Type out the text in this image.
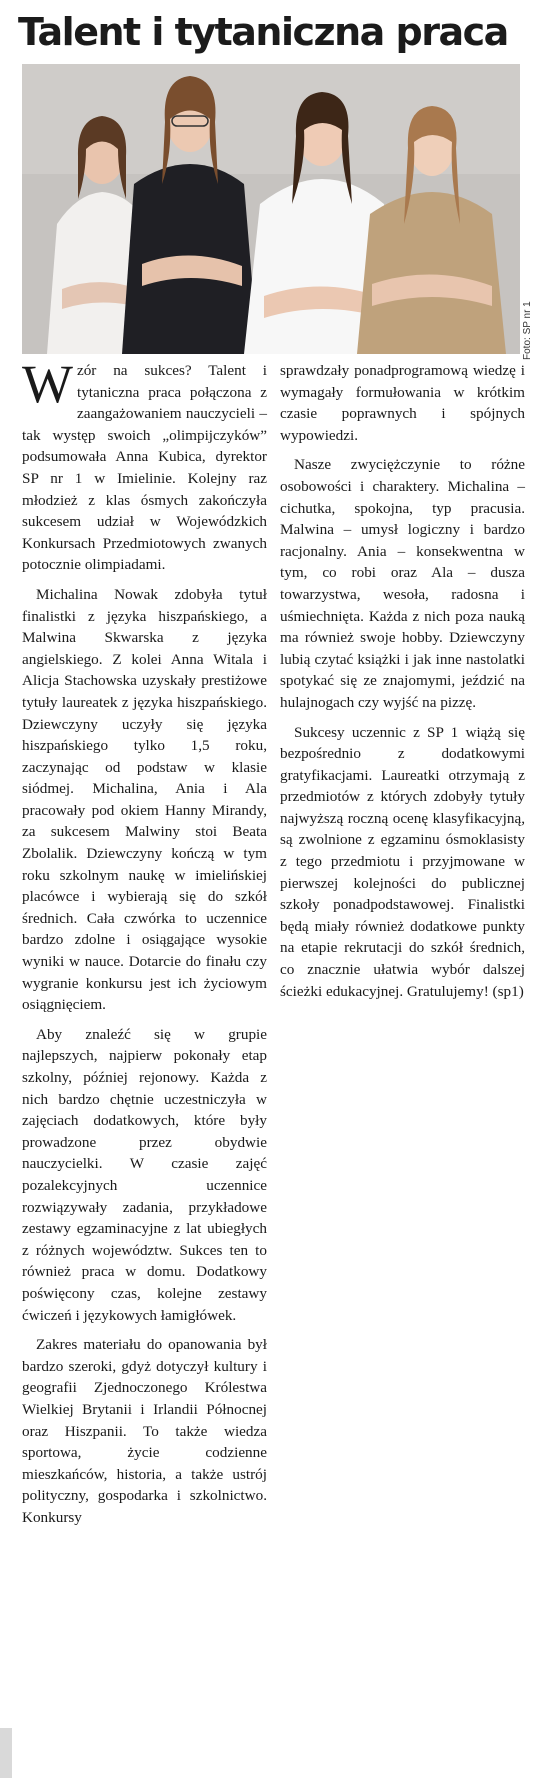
Talent i tytaniczna praca
Foto: SP nr 1

Wzór na sukces? Talent i tytaniczna praca połączona z zaangażowaniem nauczycieli – tak występ swoich „olimpijczyków” podsumowała Anna Kubica, dyrektor SP nr 1 w Imielinie. Kolejny raz młodzież z klas ósmych zakończyła sukcesem udział w Wojewódzkich Konkursach Przedmiotowych zwanych potocznie olimpiadami.

Michalina Nowak zdobyła tytuł finalistki z języka hiszpańskiego, a Malwina Skwarska z języka angielskiego. Z kolei Anna Witala i Alicja Stachowska uzyskały prestiżowe tytuły laureatek z języka hiszpańskiego. Dziewczyny uczyły się języka hiszpańskiego tylko 1,5 roku, zaczynając od podstaw w klasie siódmej. Michalina, Ania i Ala pracowały pod okiem Hanny Mirandy, za sukcesem Malwiny stoi Beata Zbolalik. Dziewczyny kończą w tym roku szkolnym naukę w imielińskiej placówce i wybierają się do szkół średnich. Cała czwórka to uczennice bardzo zdolne i osiągające wysokie wyniki w nauce. Dotarcie do finału czy wygranie konkursu jest ich życiowym osiągnięciem.

Aby znaleźć się w grupie najlepszych, najpierw pokonały etap szkolny, później rejonowy. Każda z nich bardzo chętnie uczestniczyła w zajęciach dodatkowych, które były prowadzone przez obydwie nauczycielki. W czasie zajęć pozalekcyjnych uczennice rozwiązywały zadania, przykładowe zestawy egzaminacyjne z lat ubiegłych z różnych województw. Sukces ten to również praca w domu. Dodatkowy poświęcony czas, kolejne zestawy ćwiczeń i językowych łamigłówek.

Zakres materiału do opanowania był bardzo szeroki, gdyż dotyczył kultury i geografii Zjednoczonego Królestwa Wielkiej Brytanii i Irlandii Północnej oraz Hiszpanii. To także wiedza sportowa, życie codzienne mieszkańców, historia, a także ustrój polityczny, gospodarka i szkolnictwo. Konkursy

sprawdzały ponadprogramową wiedzę i wymagały formułowania w krótkim czasie poprawnych i spójnych wypowiedzi.

Nasze zwyciężczynie to różne osobowości i charaktery. Michalina – cichutka, spokojna, typ pracusia. Malwina – umysł logiczny i bardzo racjonalny. Ania – konsekwentna w tym, co robi oraz Ala – dusza towarzystwa, wesoła, radosna i uśmiechnięta. Każda z nich poza nauką ma również swoje hobby. Dziewczyny lubią czytać książki i jak inne nastolatki spotykać się ze znajomymi, jeździć na hulajnogach czy wyjść na pizzę.

Sukcesy uczennic z SP 1 wiążą się bezpośrednio z dodatkowymi gratyfikacjami. Laureatki otrzymają z przedmiotów z których zdobyły tytuły najwyższą roczną ocenę klasyfikacyjną, są zwolnione z egzaminu ósmoklasisty z tego przedmiotu i przyjmowane w pierwszej kolejności do publicznej szkoły ponadpodstawowej. Finalistki będą miały również dodatkowe punkty na etapie rekrutacji do szkół średnich, co znacznie ułatwia wybór dalszej ścieżki edukacyjnej. Gratulujemy! (sp1)
